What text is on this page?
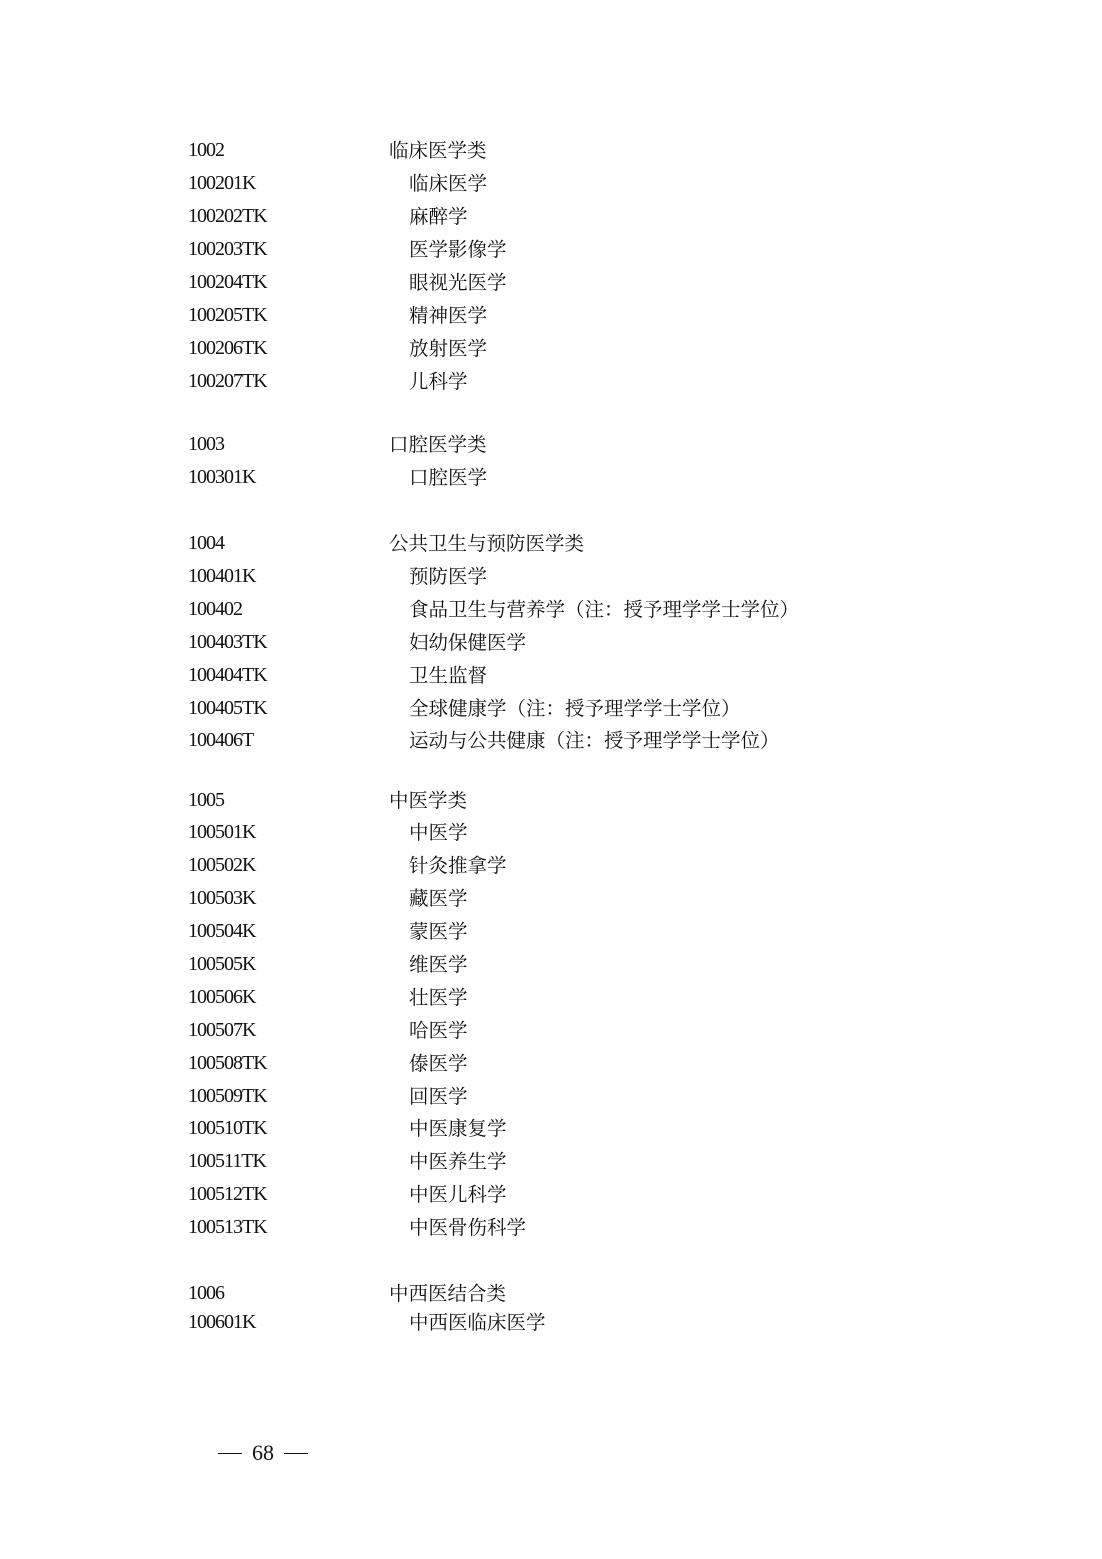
1002	临床医学类
100201K	临床医学
100202TK	麻醉学
100203TK	医学影像学
100204TK	眼视光医学
100205TK	精神医学
100206TK	放射医学
100207TK	儿科学
1003	口腔医学类
100301K	口腔医学
1004	公共卫生与预防医学类
100401K	预防医学
100402	食品卫生与营养学（注：授予理学学士学位）
100403TK	妇幼保健医学
100404TK	卫生监督
100405TK	全球健康学（注：授予理学学士学位）
100406T	运动与公共健康（注：授予理学学士学位）
1005	中医学类
100501K	中医学
100502K	针灸推拿学
100503K	藏医学
100504K	蒙医学
100505K	维医学
100506K	壮医学
100507K	哈医学
100508TK	傣医学
100509TK	回医学
100510TK	中医康复学
100511TK	中医养生学
100512TK	中医儿科学
100513TK	中医骨伤科学
1006	中西医结合类
100601K	中西医临床医学
68
